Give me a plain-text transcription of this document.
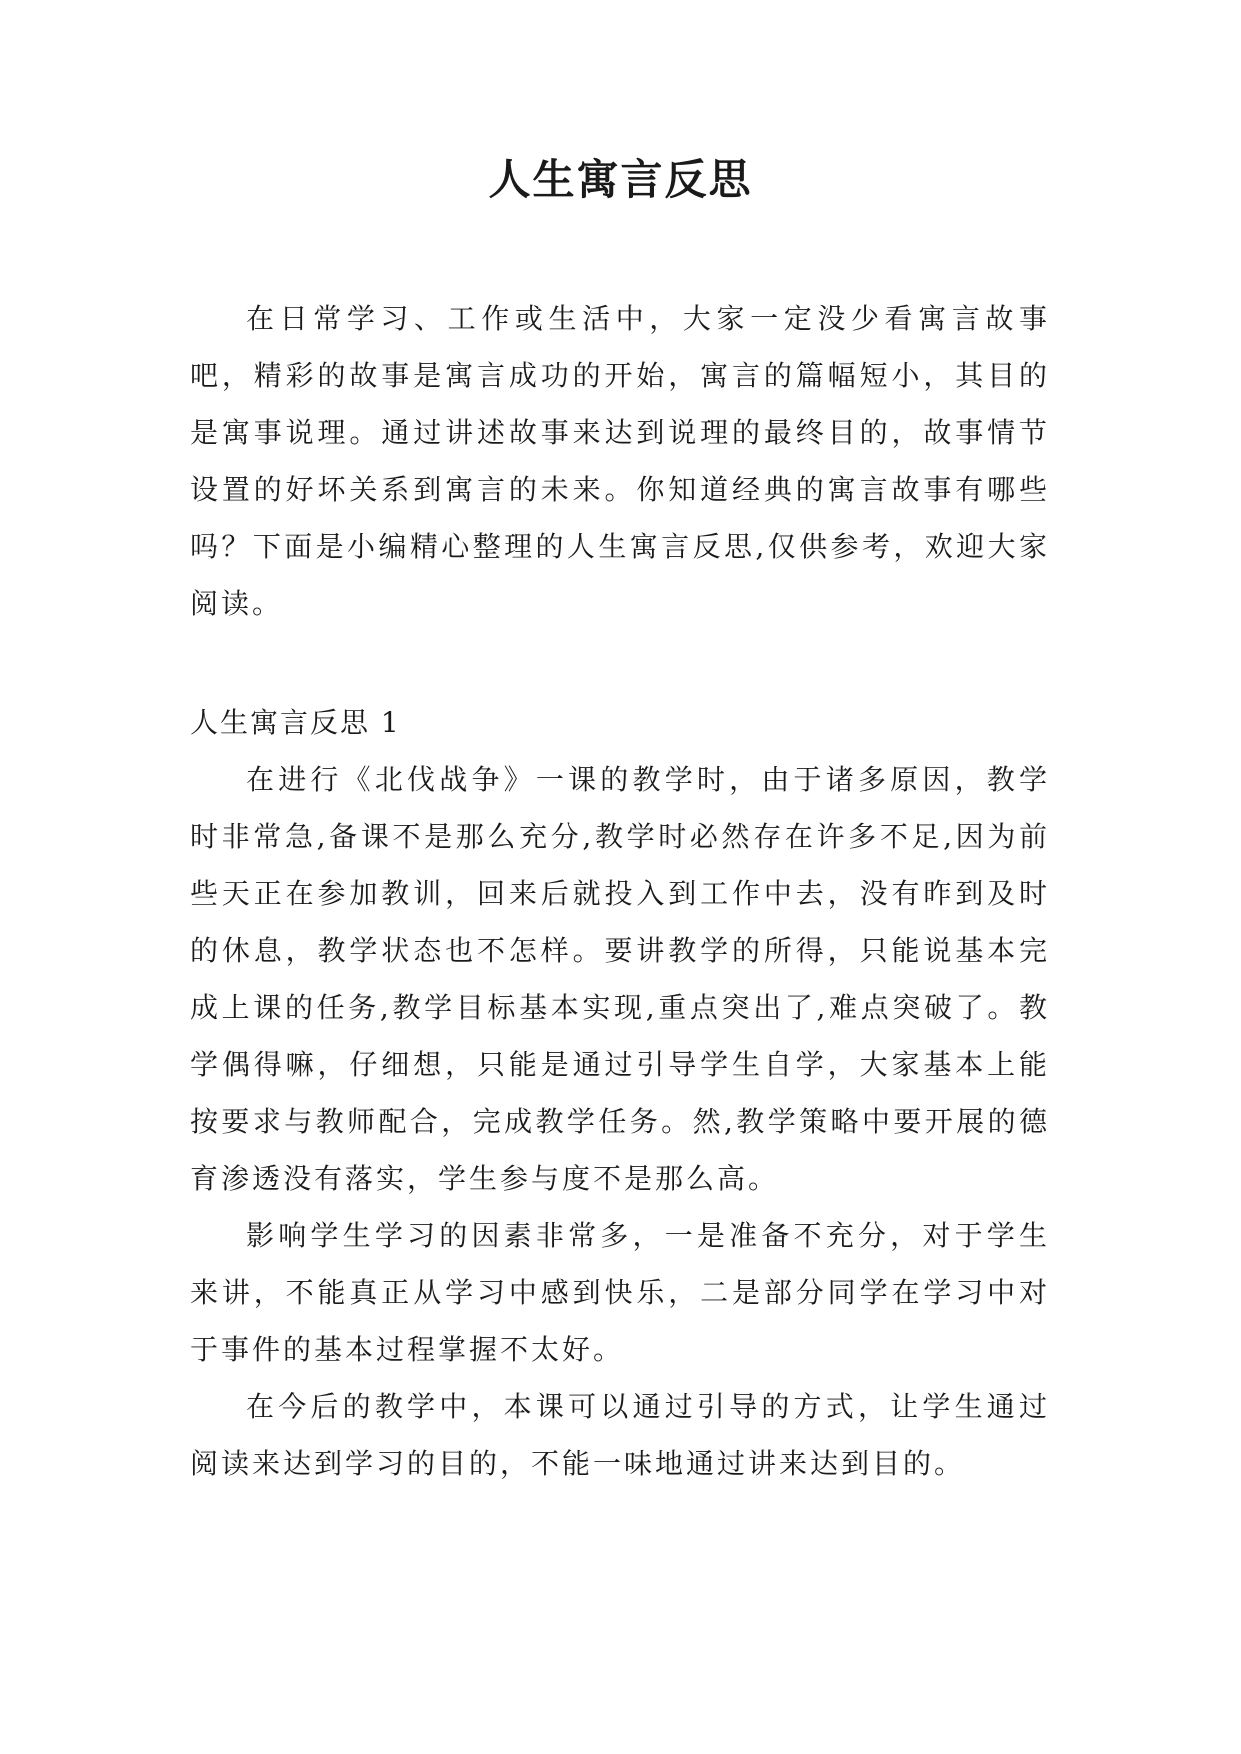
人生寓言反思

在日常学习、工作或生活中，大家一定没少看寓言故事吧，精彩的故事是寓言成功的开始，寓言的篇幅短小，其目的是寓事说理。通过讲述故事来达到说理的最终目的，故事情节设置的好坏关系到寓言的未来。你知道经典的寓言故事有哪些吗？下面是小编精心整理的人生寓言反思,仅供参考，欢迎大家阅读。

人生寓言反思 1

在进行《北伐战争》一课的教学时，由于诸多原因，教学时非常急,备课不是那么充分,教学时必然存在许多不足,因为前些天正在参加教训，回来后就投入到工作中去，没有昨到及时的休息，教学状态也不怎样。要讲教学的所得，只能说基本完成上课的任务,教学目标基本实现,重点突出了,难点突破了。教学偶得嘛，仔细想，只能是通过引导学生自学，大家基本上能按要求与教师配合，完成教学任务。然,教学策略中要开展的德育渗透没有落实，学生参与度不是那么高。

影响学生学习的因素非常多，一是准备不充分，对于学生来讲，不能真正从学习中感到快乐，二是部分同学在学习中对于事件的基本过程掌握不太好。

在今后的教学中，本课可以通过引导的方式，让学生通过阅读来达到学习的目的，不能一味地通过讲来达到目的。
